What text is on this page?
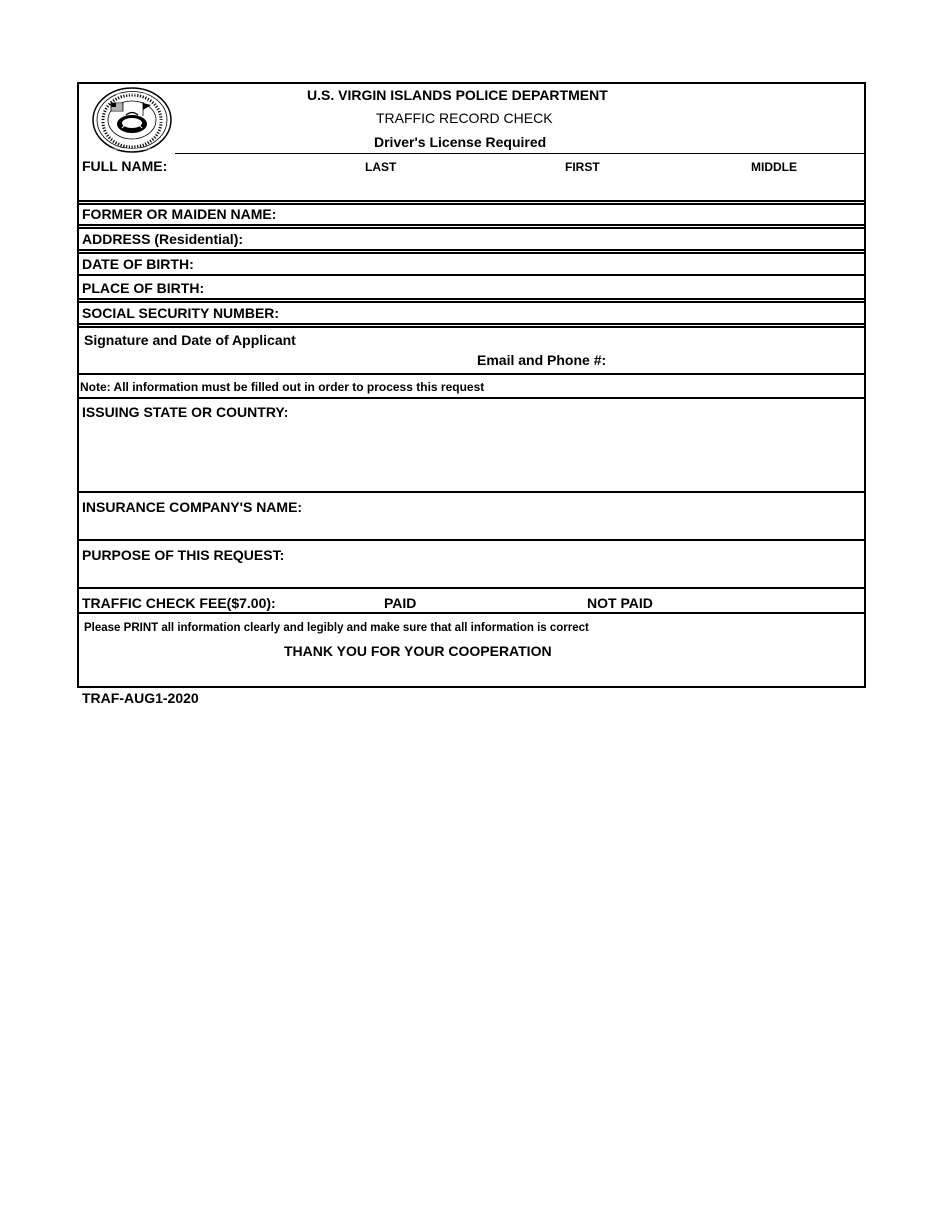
UNITED STATES VIRGIN ISLANDS
POLICE DEPARTMENT	U.S. VIRGIN ISLANDS POLICE DEPARTMENT
TRAFFIC RECORD CHECK
Driver's License Required
FULL NAME:	LAST	FIRST	MIDDLE
FORMER OR MAIDEN NAME:
ADDRESS (Residential):
DATE OF BIRTH:
PLACE OF BIRTH:
SOCIAL SECURITY NUMBER:
Signature and Date of Applicant
Email and Phone #:
Note: All information must be filled out in order to process this request
ISSUING STATE OR COUNTRY:
INSURANCE COMPANY'S NAME:
PURPOSE OF THIS REQUEST:
TRAFFIC CHECK FEE($7.00):	PAID	NOT PAID
Please PRINT all information clearly and legibly and make sure that all information is correct
THANK YOU FOR YOUR COOPERATION
TRAF-AUG1-2020
